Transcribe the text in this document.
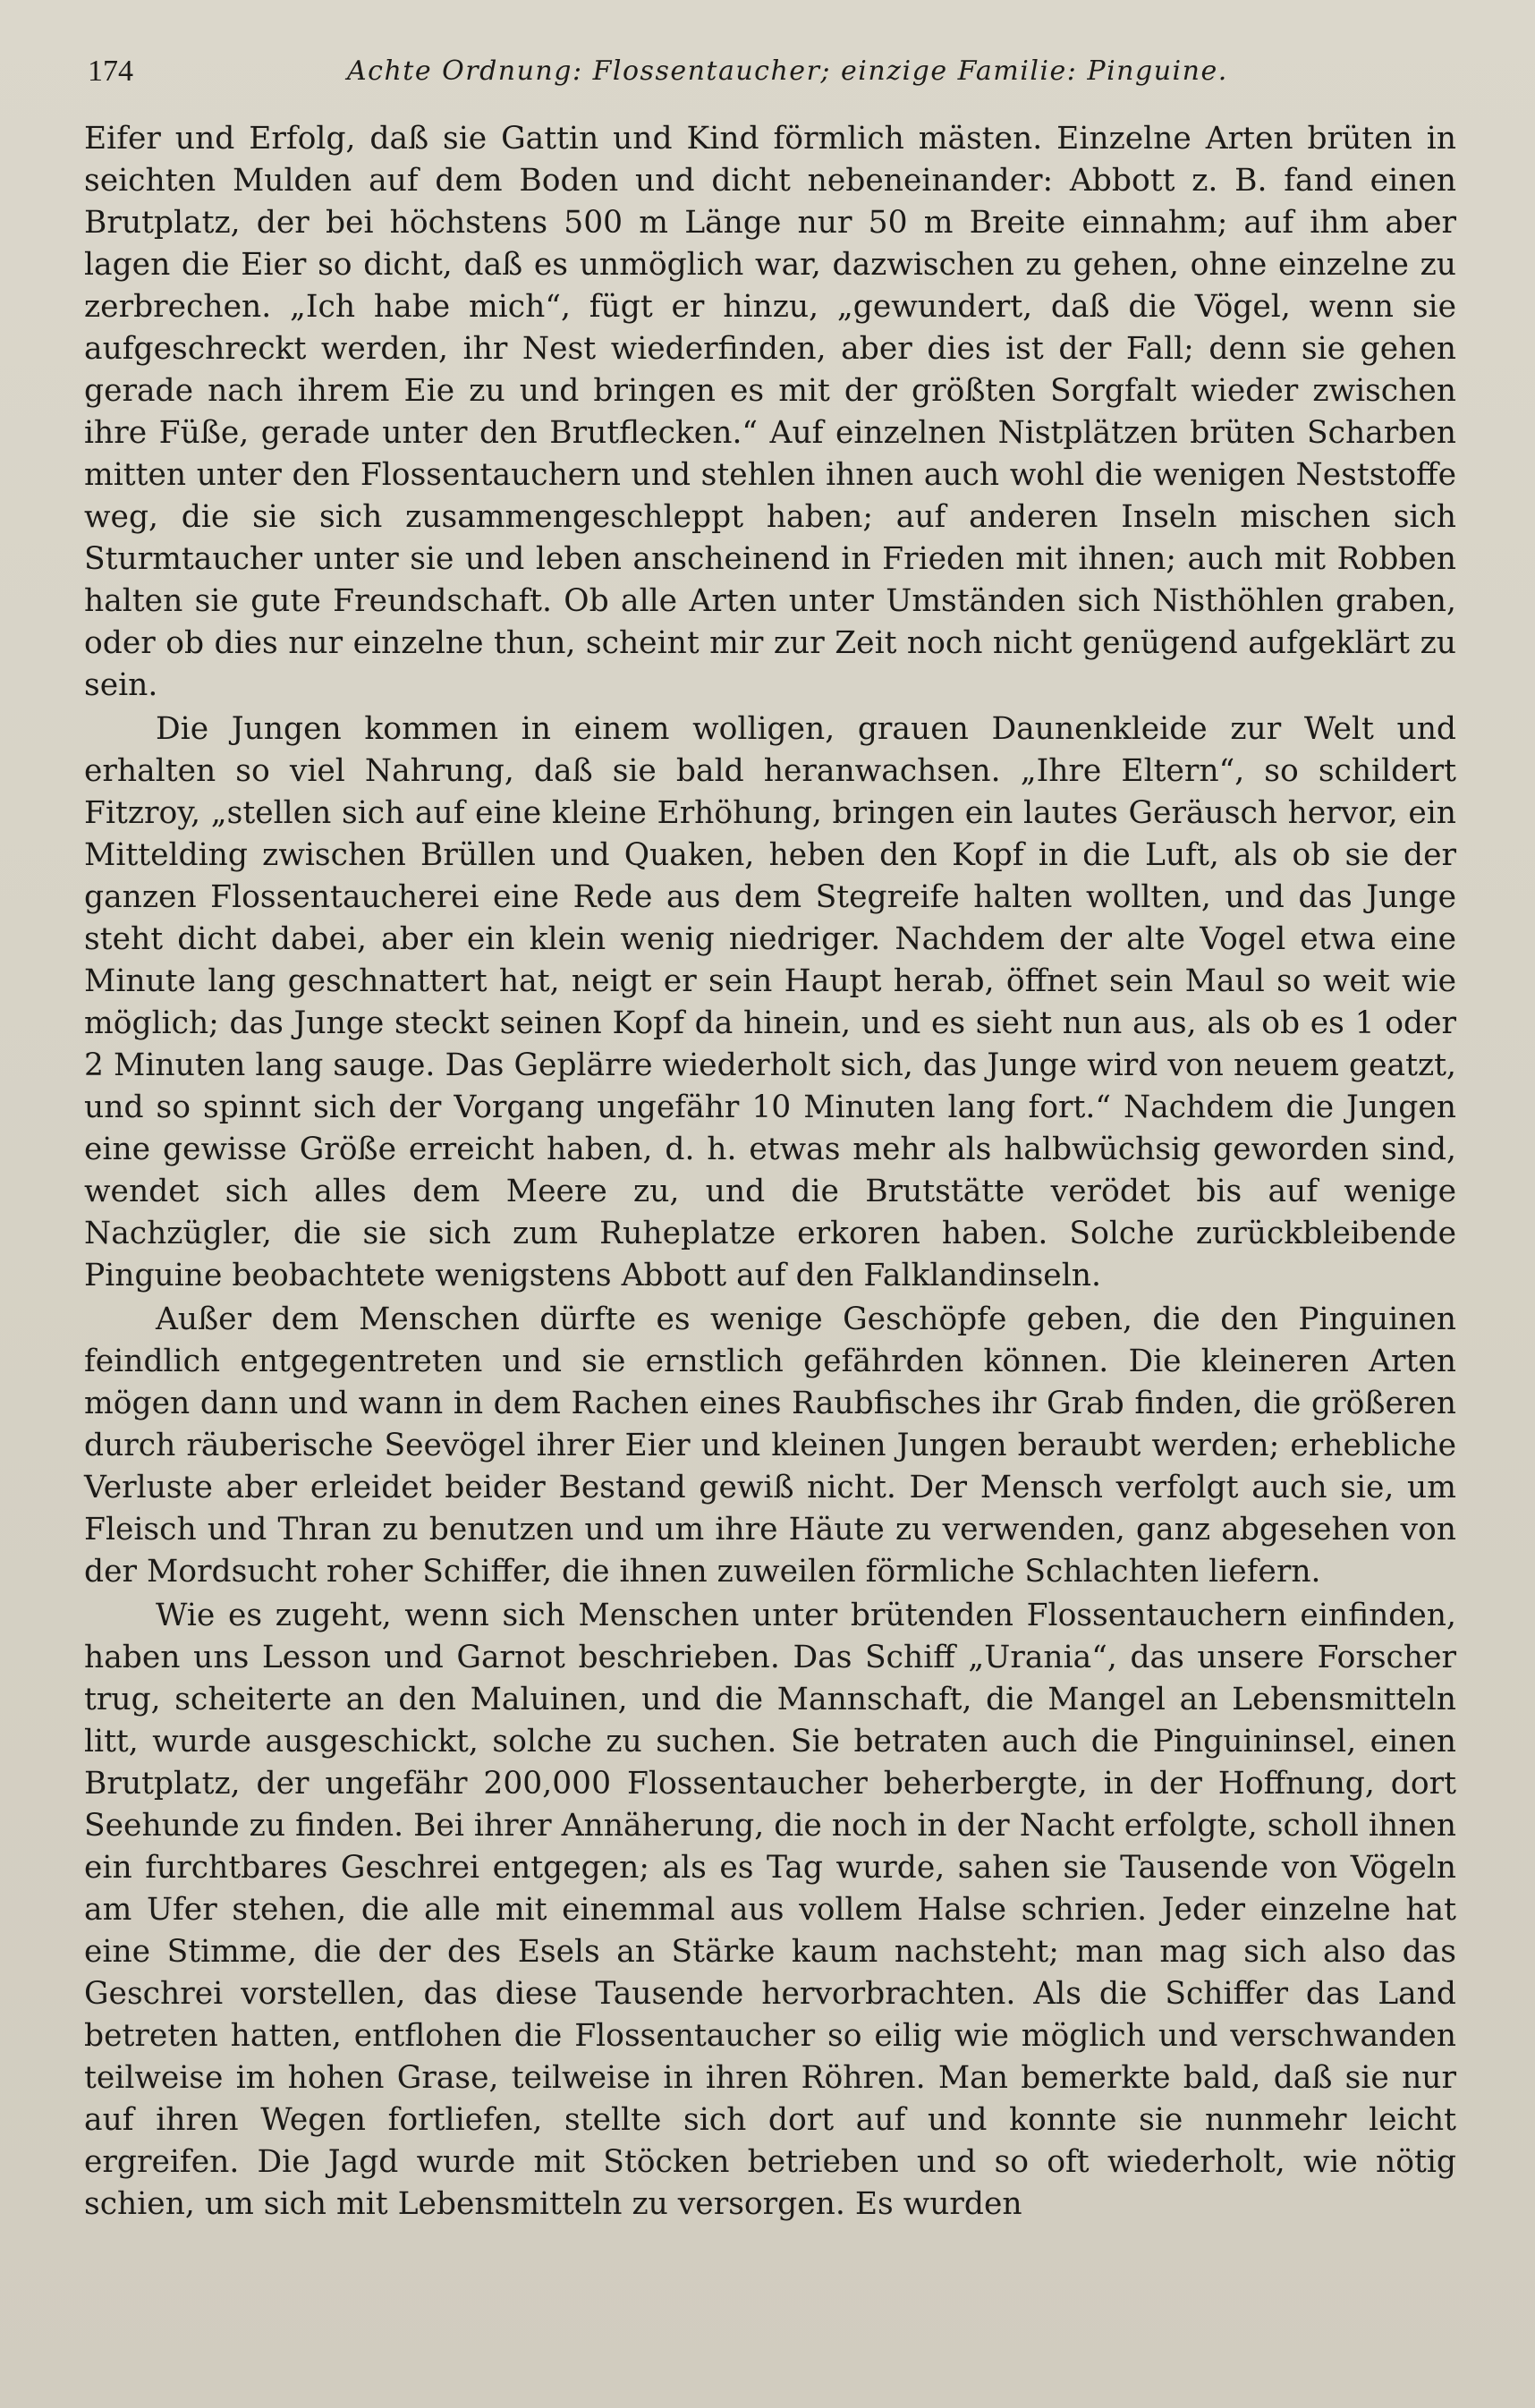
174	Achte Ordnung: Flossentaucher; einzige Familie: Pinguine.

Eifer und Erfolg, daß sie Gattin und Kind förmlich mästen. Einzelne Arten brüten in seichten Mulden auf dem Boden und dicht nebeneinander: Abbott z. B. fand einen Brutplatz, der bei höchstens 500 m Länge nur 50 m Breite einnahm; auf ihm aber lagen die Eier so dicht, daß es unmöglich war, dazwischen zu gehen, ohne einzelne zu zerbrechen. „Ich habe mich“, fügt er hinzu, „gewundert, daß die Vögel, wenn sie aufgeschreckt werden, ihr Nest wiederfinden, aber dies ist der Fall; denn sie gehen gerade nach ihrem Eie zu und bringen es mit der größten Sorgfalt wieder zwischen ihre Füße, gerade unter den Brutflecken.“ Auf einzelnen Nistplätzen brüten Scharben mitten unter den Flossentauchern und stehlen ihnen auch wohl die wenigen Neststoffe weg, die sie sich zusammengeschleppt haben; auf anderen Inseln mischen sich Sturmtaucher unter sie und leben anscheinend in Frieden mit ihnen; auch mit Robben halten sie gute Freundschaft. Ob alle Arten unter Umständen sich Nisthöhlen graben, oder ob dies nur einzelne thun, scheint mir zur Zeit noch nicht genügend aufgeklärt zu sein.

Die Jungen kommen in einem wolligen, grauen Daunenkleide zur Welt und erhalten so viel Nahrung, daß sie bald heranwachsen. „Ihre Eltern“, so schildert Fitzroy, „stellen sich auf eine kleine Erhöhung, bringen ein lautes Geräusch hervor, ein Mittelding zwischen Brüllen und Quaken, heben den Kopf in die Luft, als ob sie der ganzen Flossentaucherei eine Rede aus dem Stegreife halten wollten, und das Junge steht dicht dabei, aber ein klein wenig niedriger. Nachdem der alte Vogel etwa eine Minute lang geschnattert hat, neigt er sein Haupt herab, öffnet sein Maul so weit wie möglich; das Junge steckt seinen Kopf da hinein, und es sieht nun aus, als ob es 1 oder 2 Minuten lang sauge. Das Geplärre wiederholt sich, das Junge wird von neuem geatzt, und so spinnt sich der Vorgang ungefähr 10 Minuten lang fort.“ Nachdem die Jungen eine gewisse Größe erreicht haben, d. h. etwas mehr als halbwüchsig geworden sind, wendet sich alles dem Meere zu, und die Brutstätte verödet bis auf wenige Nachzügler, die sie sich zum Ruheplatze erkoren haben. Solche zurückbleibende Pinguine beobachtete wenigstens Abbott auf den Falklandinseln.

Außer dem Menschen dürfte es wenige Geschöpfe geben, die den Pinguinen feindlich entgegentreten und sie ernstlich gefährden können. Die kleineren Arten mögen dann und wann in dem Rachen eines Raubfisches ihr Grab finden, die größeren durch räuberische Seevögel ihrer Eier und kleinen Jungen beraubt werden; erhebliche Verluste aber erleidet beider Bestand gewiß nicht. Der Mensch verfolgt auch sie, um Fleisch und Thran zu benutzen und um ihre Häute zu verwenden, ganz abgesehen von der Mordsucht roher Schiffer, die ihnen zuweilen förmliche Schlachten liefern.

Wie es zugeht, wenn sich Menschen unter brütenden Flossentauchern einfinden, haben uns Lesson und Garnot beschrieben. Das Schiff „Urania“, das unsere Forscher trug, scheiterte an den Maluinen, und die Mannschaft, die Mangel an Lebensmitteln litt, wurde ausgeschickt, solche zu suchen. Sie betraten auch die Pinguininsel, einen Brutplatz, der ungefähr 200,000 Flossentaucher beherbergte, in der Hoffnung, dort Seehunde zu finden. Bei ihrer Annäherung, die noch in der Nacht erfolgte, scholl ihnen ein furchtbares Geschrei entgegen; als es Tag wurde, sahen sie Tausende von Vögeln am Ufer stehen, die alle mit einemmal aus vollem Halse schrien. Jeder einzelne hat eine Stimme, die der des Esels an Stärke kaum nachsteht; man mag sich also das Geschrei vorstellen, das diese Tausende hervorbrachten. Als die Schiffer das Land betreten hatten, entflohen die Flossentaucher so eilig wie möglich und verschwanden teilweise im hohen Grase, teilweise in ihren Röhren. Man bemerkte bald, daß sie nur auf ihren Wegen fortliefen, stellte sich dort auf und konnte sie nunmehr leicht ergreifen. Die Jagd wurde mit Stöcken betrieben und so oft wiederholt, wie nötig schien, um sich mit Lebensmitteln zu versorgen. Es wurden
